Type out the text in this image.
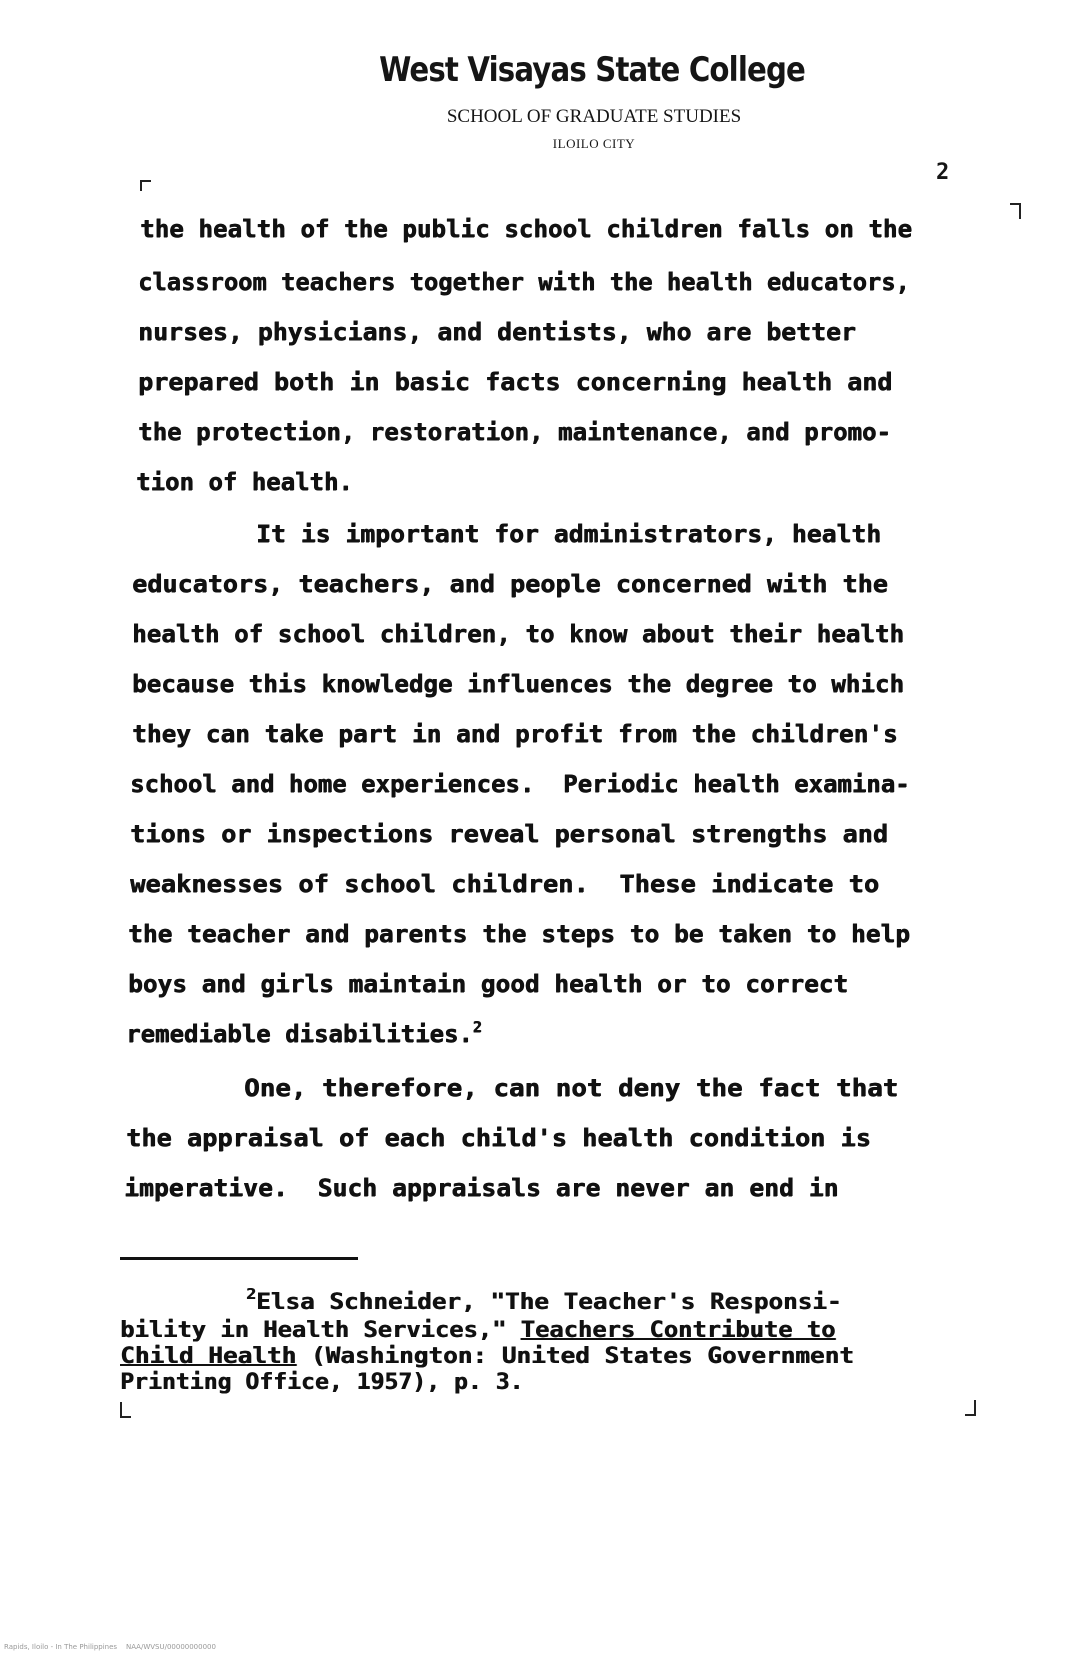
West Visayas State College
SCHOOL OF GRADUATE STUDIES
ILOILO CITY
2
the health of the public school children falls on the
classroom teachers together with the health educators,
nurses, physicians, and dentists, who are better
prepared both in basic facts concerning health and
the protection, restoration, maintenance, and promo-
tion of health.
It is important for administrators, health
educators, teachers, and people concerned with the
health of school children, to know about their health
because this knowledge influences the degree to which
they can take part in and profit from the children's
school and home experiences.  Periodic health examina-
tions or inspections reveal personal strengths and
weaknesses of school children.  These indicate to
the teacher and parents the steps to be taken to help
boys and girls maintain good health or to correct
remediable disabilities.$^2$
One, therefore, can not deny the fact that
the appraisal of each child's health condition is
imperative.  Such appraisals are never an end in
$^2$Elsa Schneider, "The Teacher's Responsi-
bility in Health Services," Teachers Contribute to
Child Health (Washington: United States Government
Printing Office, 1957), p. 3.
Rapids, Iloilo - In The Philippines    NAA/WVSU/00000000000
